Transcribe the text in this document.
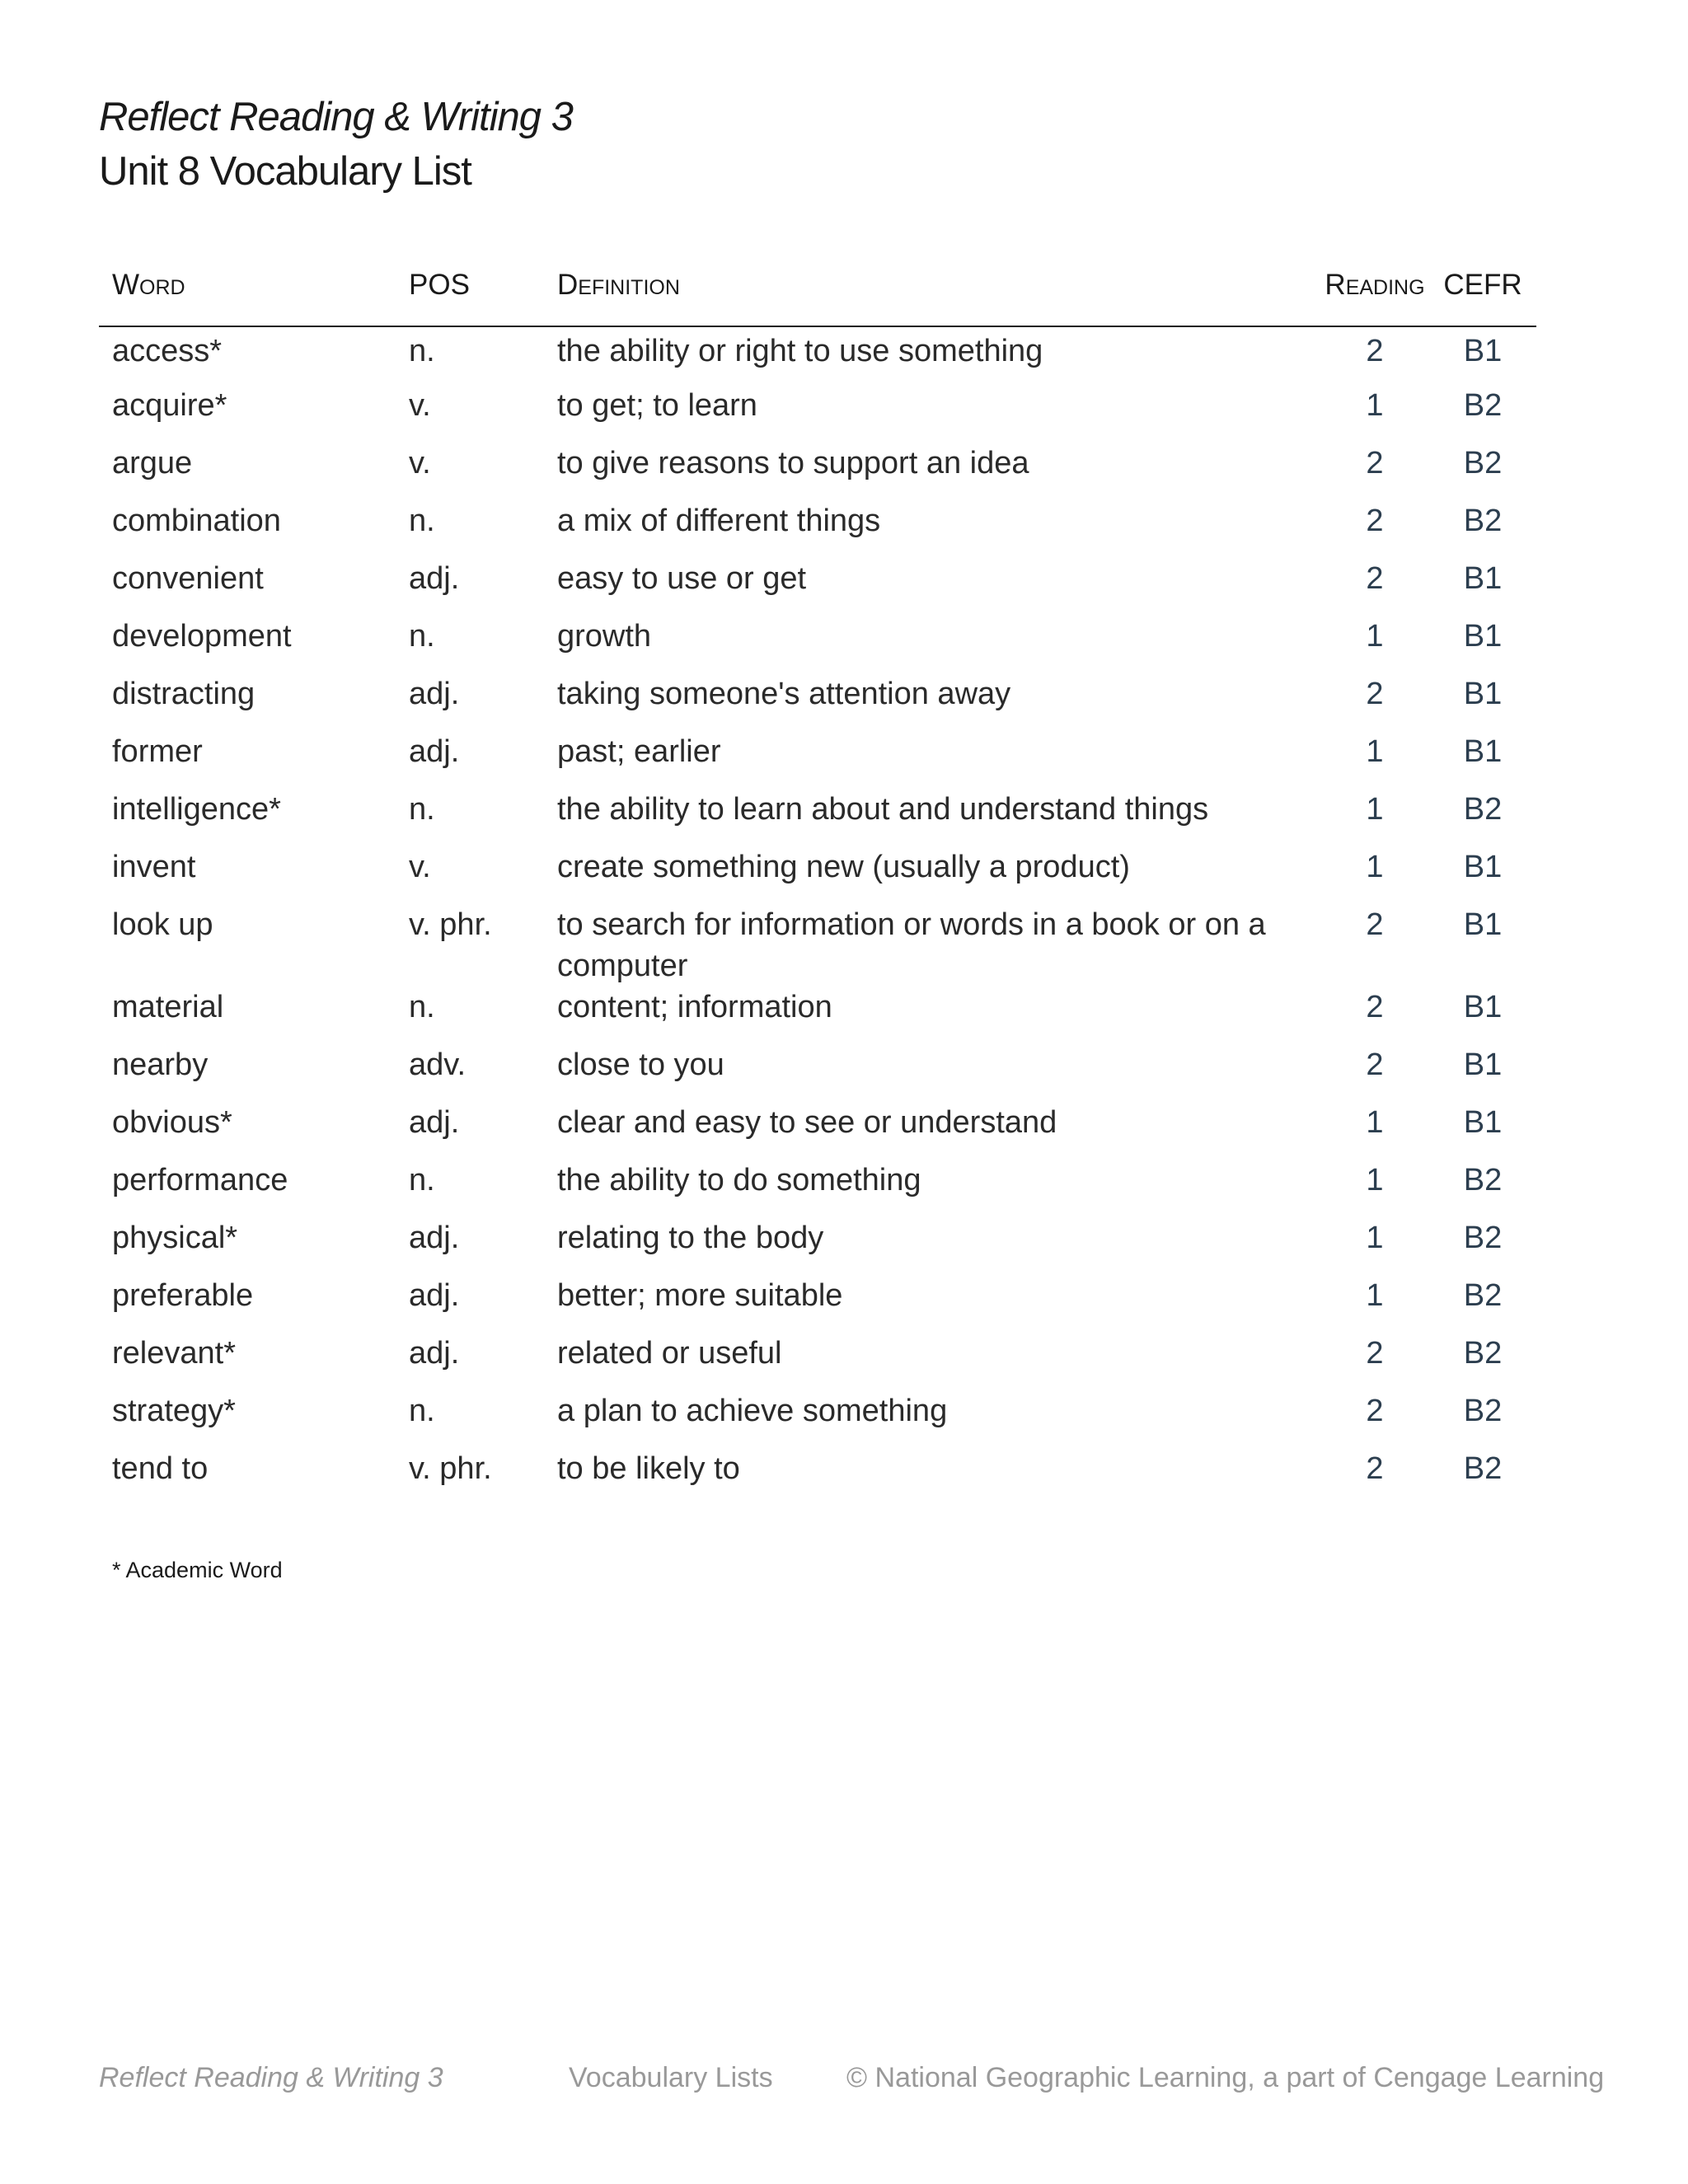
Reflect Reading & Writing 3
Unit 8 Vocabulary List
Word	POS	Definition	Reading	CEFR
access*	n.	the ability or right to use something	2	B1
acquire*	v.	to get; to learn	1	B2
argue	v.	to give reasons to support an idea	2	B2
combination	n.	a mix of different things	2	B2
convenient	adj.	easy to use or get	2	B1
development	n.	growth	1	B1
distracting	adj.	taking someone's attention away	2	B1
former	adj.	past; earlier	1	B1
intelligence*	n.	the ability to learn about and understand things	1	B2
invent	v.	create something new (usually a product)	1	B1
look up	v. phr.	to search for information or words in a book or on a computer	2	B1
material	n.	content; information	2	B1
nearby	adv.	close to you	2	B1
obvious*	adj.	clear and easy to see or understand	1	B1
performance	n.	the ability to do something	1	B2
physical*	adj.	relating to the body	1	B2
preferable	adj.	better; more suitable	1	B2
relevant*	adj.	related or useful	2	B2
strategy*	n.	a plan to achieve something	2	B2
tend to	v. phr.	to be likely to	2	B2
* Academic Word
Reflect Reading & Writing 3	Vocabulary Lists	© National Geographic Learning, a part of Cengage Learning
